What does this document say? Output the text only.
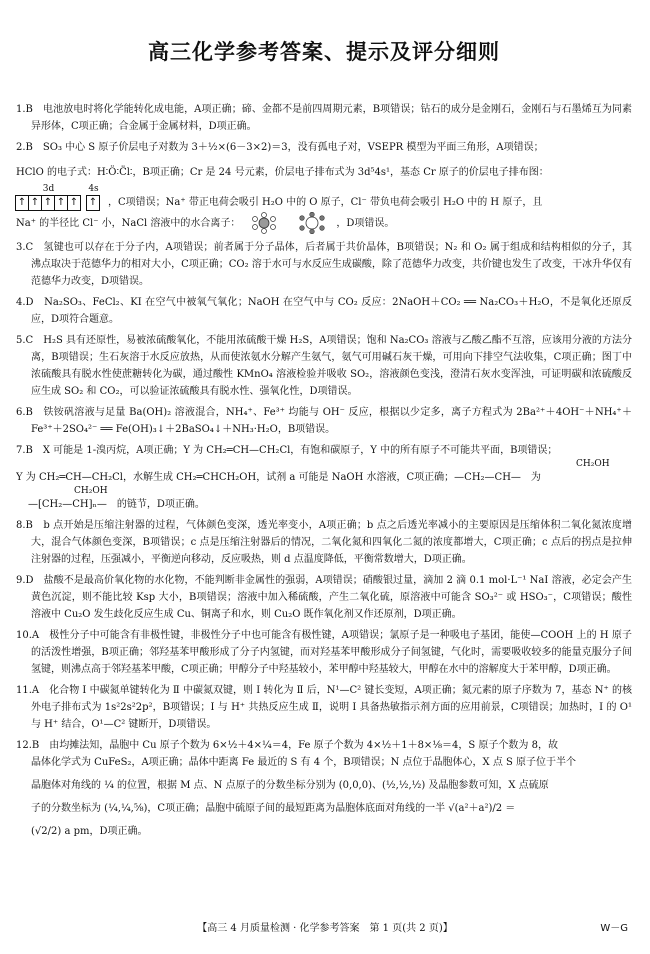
高三化学参考答案、提示及评分细则

1.B　电池放电时将化学能转化成电能，A项正确；碲、金都不是前四周期元素，B项错误；钻石的成分是金刚石，金刚石与石墨烯互为同素异形体，C项正确；合金属于金属材料，D项正确。

2.B　SO₃ 中心 S 原子价层电子对数为 3＋½×(6－3×2)＝3，没有孤电子对，VSEPR 模型为平面三角形，A项错误；
HClO 的电子式：H∶Ö∶C̈l∶，B项正确；Cr 是 24 号元素，价层电子排布式为 3d⁵4s¹，基态 Cr 原子的价层电子排布图：
3d
↑ ↑ ↑ ↑ ↑
4s
↑ ，C项错误；Na⁺ 带正电荷会吸引 H₂O 中的 O 原子，Cl⁻ 带负电荷会吸引 H₂O 中的 H 原子，且
Na⁺ 的半径比 Cl⁻ 小，NaCl 溶液中的水合离子：	，D项错误。

3.C　氢键也可以存在于分子内，A项错误；前者属于分子晶体，后者属于共价晶体，B项错误；N₂ 和 O₂ 属于组成和结构相似的分子，其沸点取决于范德华力的相对大小，C项正确；CO₂ 溶于水可与水反应生成碳酸，除了范德华力改变，共价键也发生了改变，干冰升华仅有范德华力改变，D项错误。

4.D　Na₂SO₃、FeCl₂、KI 在空气中被氧气氧化；NaOH 在空气中与 CO₂ 反应：2NaOH＋CO₂ ══ Na₂CO₃＋H₂O，不是氧化还原反应，D项符合题意。

5.C　H₂S 具有还原性，易被浓硫酸氧化，不能用浓硫酸干燥 H₂S，A项错误；饱和 Na₂CO₃ 溶液与乙酸乙酯不互溶，应该用分液的方法分离，B项错误；生石灰溶于水反应放热，从而使浓氨水分解产生氨气，氨气可用碱石灰干燥，可用向下排空气法收集，C项正确；图丁中浓硫酸具有脱水性使蔗糖转化为碳，通过酸性 KMnO₄ 溶液检验并吸收 SO₂，溶液颜色变浅，澄清石灰水变浑浊，可证明碳和浓硫酸反应生成 SO₂ 和 CO₂，可以验证浓硫酸具有脱水性、强氧化性，D项错误。

6.B　铁铵矾溶液与足量 Ba(OH)₂ 溶液混合，NH₄⁺、Fe³⁺ 均能与 OH⁻ 反应，根据以少定多，离子方程式为 2Ba²⁺＋4OH⁻＋NH₄⁺＋Fe³⁺＋2SO₄²⁻ ══ Fe(OH)₃↓＋2BaSO₄↓＋NH₃·H₂O，B项错误。

7.B　X 可能是 1-溴丙烷，A项正确；Y 为 CH₂═CH—CH₂Cl，有饱和碳原子，Y 中的所有原子不可能共平面，B项错误；
CH₂OH
Y 为 CH₂═CH—CH₂Cl，水解生成 CH₂═CHCH₂OH，试剂 a 可能是 NaOH 水溶液，C项正确；—CH₂—CH—　为
CH₂OH
—[CH₂—CH]ₙ—　的链节，D项正确。

8.B　b 点开始是压缩注射器的过程，气体颜色变深，透光率变小，A项正确；b 点之后透光率减小的主要原因是压缩体积二氧化氮浓度增大，混合气体颜色变深，B项错误；c 点是压缩注射器后的情况，二氧化氮和四氧化二氮的浓度都增大，C项正确；c 点后的拐点是拉伸注射器的过程，压强减小，平衡逆向移动，反应吸热，则 d 点温度降低，平衡常数增大，D项正确。

9.D　盐酸不是最高价氧化物的水化物，不能判断非金属性的强弱，A项错误；硝酸银过量，滴加 2 滴 0.1 mol·L⁻¹ NaI 溶液，必定会产生黄色沉淀，则不能比较 Ksp 大小，B项错误；溶液中加入稀硫酸，产生二氧化硫，原溶液中可能含 SO₃²⁻ 或 HSO₃⁻，C项错误；酸性溶液中 Cu₂O 发生歧化反应生成 Cu、铜离子和水，则 Cu₂O 既作氧化剂又作还原剂，D项正确。

10.A　极性分子中可能含有非极性键，非极性分子中也可能含有极性键，A项错误；氯原子是一种吸电子基团，能使—COOH 上的 H 原子的活泼性增强，B项正确；邻羟基苯甲酸形成了分子内氢键，而对羟基苯甲酸形成分子间氢键，气化时，需要吸收较多的能量克服分子间氢键，则沸点高于邻羟基苯甲酸，C项正确；甲醇分子中羟基较小，苯甲醇中羟基较大，甲醇在水中的溶解度大于苯甲醇，D项正确。

11.A　化合物 Ⅰ 中碳氮单键转化为 Ⅱ 中碳氮双键，则 Ⅰ 转化为 Ⅱ 后，N¹—C² 键长变短，A项正确；氮元素的原子序数为 7，基态 N⁺ 的核外电子排布式为 1s²2s²2p²，B项错误；Ⅰ 与 H⁺ 共热反应生成 Ⅱ，说明 Ⅰ 具备热敏指示剂方面的应用前景，C项错误；加热时，Ⅰ 的 O¹ 与 H⁺ 结合，O¹—C² 键断开，D项错误。

12.B　由均摊法知，晶胞中 Cu 原子个数为 6×½＋4×¼＝4，Fe 原子个数为 4×½＋1＋8×⅛＝4，S 原子个数为 8，故
晶体化学式为 CuFeS₂，A项正确；晶体中距离 Fe 最近的 S 有 4 个，B项错误；N 点位于晶胞体心，X 点 S 原子位于半个
晶胞体对角线的 ¼ 的位置，根据 M 点、N 点原子的分数坐标分别为 (0,0,0)、(½,½,½) 及晶胞参数可知，X 点硫原
子的分数坐标为 (¼,¼,⅝)，C项正确；晶胞中硫原子间的最短距离为晶胞体底面对角线的一半 √(a²＋a²)/2 ＝
(√2/2) a pm，D项正确。
【高三 4 月质量检测 · 化学参考答案　第 1 页(共 2 页)】	W－G
